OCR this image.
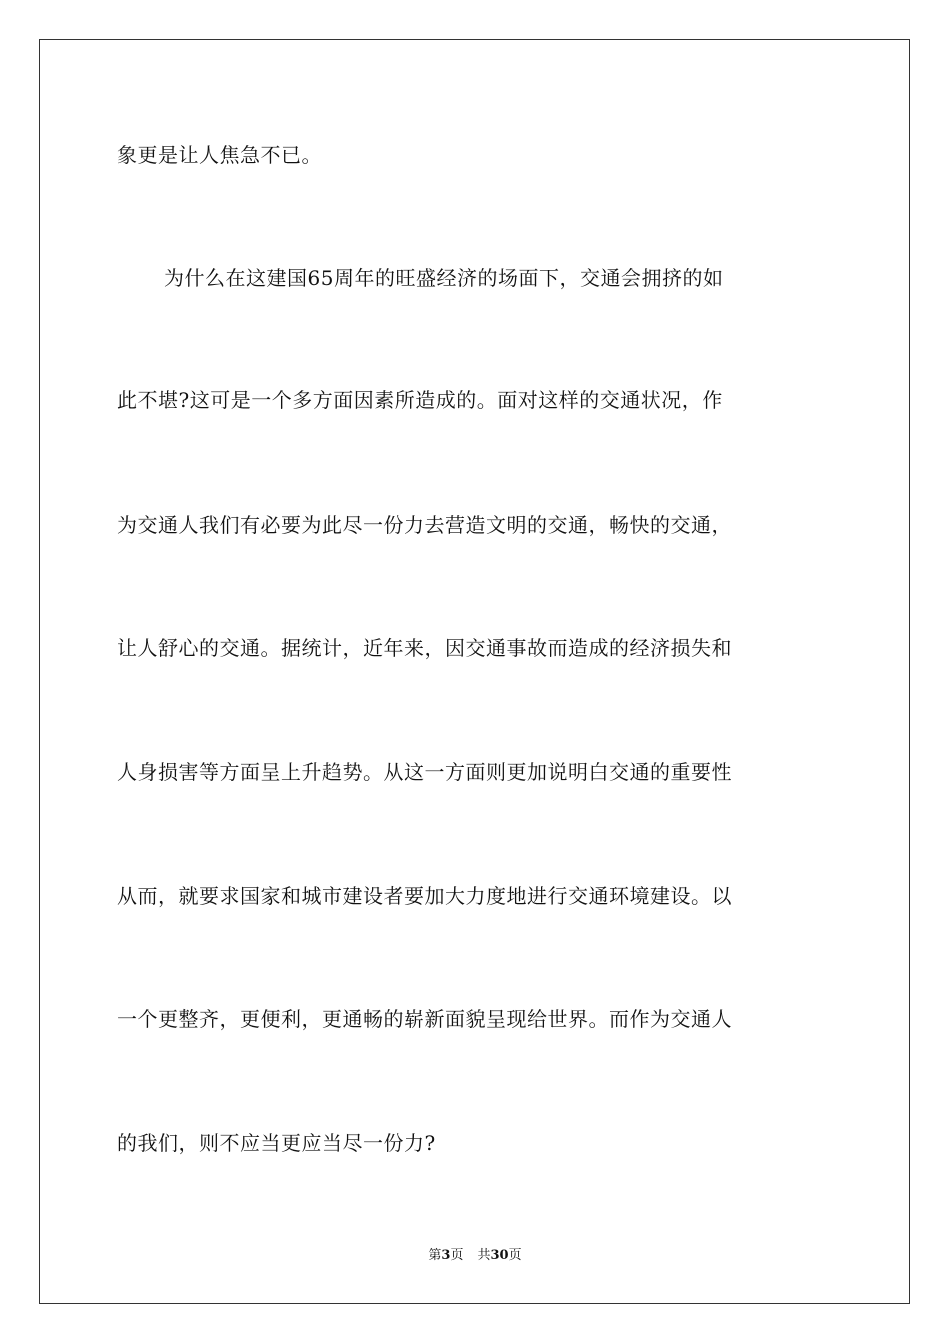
象更是让人焦急不已。
为什么在这建国65周年的旺盛经济的场面下，交通会拥挤的如
此不堪?这可是一个多方面因素所造成的。面对这样的交通状况，作
为交通人我们有必要为此尽一份力去营造文明的交通，畅快的交通，
让人舒心的交通。据统计，近年来，因交通事故而造成的经济损失和
人身损害等方面呈上升趋势。从这一方面则更加说明白交通的重要性
从而，就要求国家和城市建设者要加大力度地进行交通环境建设。以
一个更整齐，更便利，更通畅的崭新面貌呈现给世界。而作为交通人
的我们，则不应当更应当尽一份力?
第3页 共30页
